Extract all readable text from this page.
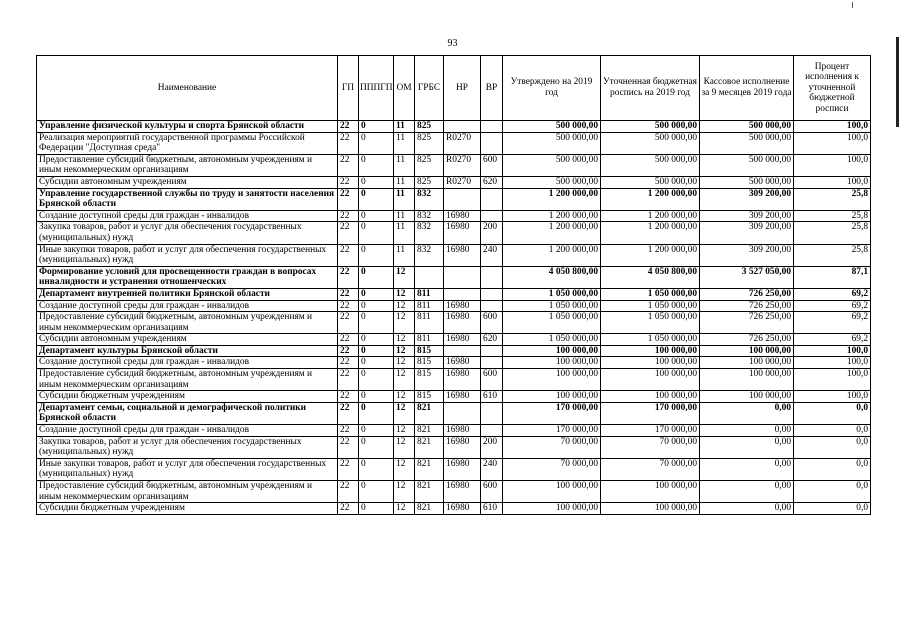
93
Наименование	ГП	ПППГП	ОМ	ГРБС	НР	ВР	Утверждено на 2019 год	Уточненная бюджетная роспись на 2019 год	Кассовое исполнение за 9 месяцев 2019 года	Процент исполнения к уточненной бюджетной росписи
Управление физической культуры и спорта Брянской области	22	0	11	825			500 000,00	500 000,00	500 000,00	100,0
Реализация мероприятий государственной программы Российской Федерации "Доступная среда"	22	0	11	825	R0270		500 000,00	500 000,00	500 000,00	100,0
Предоставление субсидий бюджетным, автономным учреждениям и иным некоммерческим организациям	22	0	11	825	R0270	600	500 000,00	500 000,00	500 000,00	100,0
Субсидии автономным учреждениям	22	0	11	825	R0270	620	500 000,00	500 000,00	500 000,00	100,0
Управление государственной службы по труду и занятости населения Брянской области	22	0	11	832			1 200 000,00	1 200 000,00	309 200,00	25,8
Создание доступной среды для граждан - инвалидов	22	0	11	832	16980		1 200 000,00	1 200 000,00	309 200,00	25,8
Закупка товаров, работ и услуг для обеспечения государственных (муниципальных) нужд	22	0	11	832	16980	200	1 200 000,00	1 200 000,00	309 200,00	25,8
Иные закупки товаров, работ и услуг для обеспечения государственных (муниципальных) нужд	22	0	11	832	16980	240	1 200 000,00	1 200 000,00	309 200,00	25,8
Формирование условий для просвещенности граждан в вопросах инвалидности и устранения отношенческих	22	0	12				4 050 800,00	4 050 800,00	3 527 050,00	87,1
Департамент внутренней политики Брянской области	22	0	12	811			1 050 000,00	1 050 000,00	726 250,00	69,2
Создание доступной среды для граждан - инвалидов	22	0	12	811	16980		1 050 000,00	1 050 000,00	726 250,00	69,2
Предоставление субсидий бюджетным, автономным учреждениям и иным некоммерческим организациям	22	0	12	811	16980	600	1 050 000,00	1 050 000,00	726 250,00	69,2
Субсидии автономным учреждениям	22	0	12	811	16980	620	1 050 000,00	1 050 000,00	726 250,00	69,2
Департамент культуры Брянской области	22	0	12	815			100 000,00	100 000,00	100 000,00	100,0
Создание доступной среды для граждан - инвалидов	22	0	12	815	16980		100 000,00	100 000,00	100 000,00	100,0
Предоставление субсидий бюджетным, автономным учреждениям и иным некоммерческим организациям	22	0	12	815	16980	600	100 000,00	100 000,00	100 000,00	100,0
Субсидии бюджетным учреждениям	22	0	12	815	16980	610	100 000,00	100 000,00	100 000,00	100,0
Департамент семьи, социальной и демографической политики Брянской области	22	0	12	821			170 000,00	170 000,00	0,00	0,0
Создание доступной среды для граждан - инвалидов	22	0	12	821	16980		170 000,00	170 000,00	0,00	0,0
Закупка товаров, работ и услуг для обеспечения государственных (муниципальных) нужд	22	0	12	821	16980	200	70 000,00	70 000,00	0,00	0,0
Иные закупки товаров, работ и услуг для обеспечения государственных (муниципальных) нужд	22	0	12	821	16980	240	70 000,00	70 000,00	0,00	0,0
Предоставление субсидий бюджетным, автономным учреждениям и иным некоммерческим организациям	22	0	12	821	16980	600	100 000,00	100 000,00	0,00	0,0
Субсидии бюджетным учреждениям	22	0	12	821	16980	610	100 000,00	100 000,00	0,00	0,0
